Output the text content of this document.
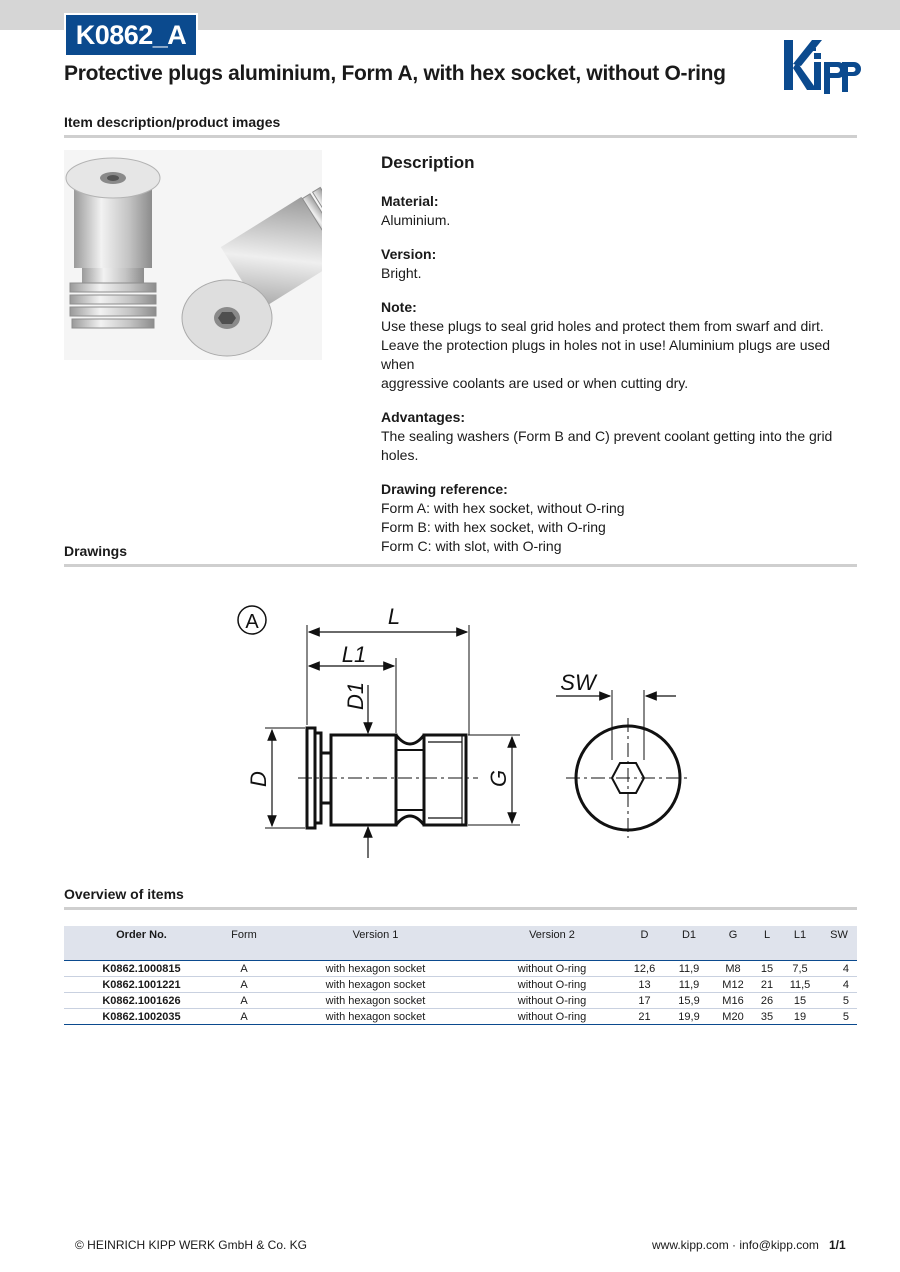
K0862_A
Protective plugs aluminium, Form A, with hex socket, without O-ring
Item description/product images
Description
Material:

Aluminium.

Version:

Bright.

Note:

Use these plugs to seal grid holes and protect them from swarf and dirt.

Leave the protection plugs in holes not in use! Aluminium plugs are used when

aggressive coolants are used or when cutting dry.

Advantages:

The sealing washers (Form B and C) prevent coolant getting into the grid holes.

Drawing reference:

Form A: with hex socket, without O-ring

Form B: with hex socket, with O-ring

Form C: with slot, with O-ring

Drawings
A	L
L1
D1
D	G
SW
Overview of items
Order No.	Form	Version 1	Version 2	D	D1	G	L	L1	SW
K0862.1000815	A	with hexagon socket	without O-ring	12,6	11,9	M8	15	7,5	4
K0862.1001221	A	with hexagon socket	without O-ring	13	11,9	M12	21	11,5	4
K0862.1001626	A	with hexagon socket	without O-ring	17	15,9	M16	26	15	5
K0862.1002035	A	with hexagon socket	without O-ring	21	19,9	M20	35	19	5
© HEINRICH KIPP WERK GmbH & Co. KG	www.kipp.com · info@kipp.com 1/1
